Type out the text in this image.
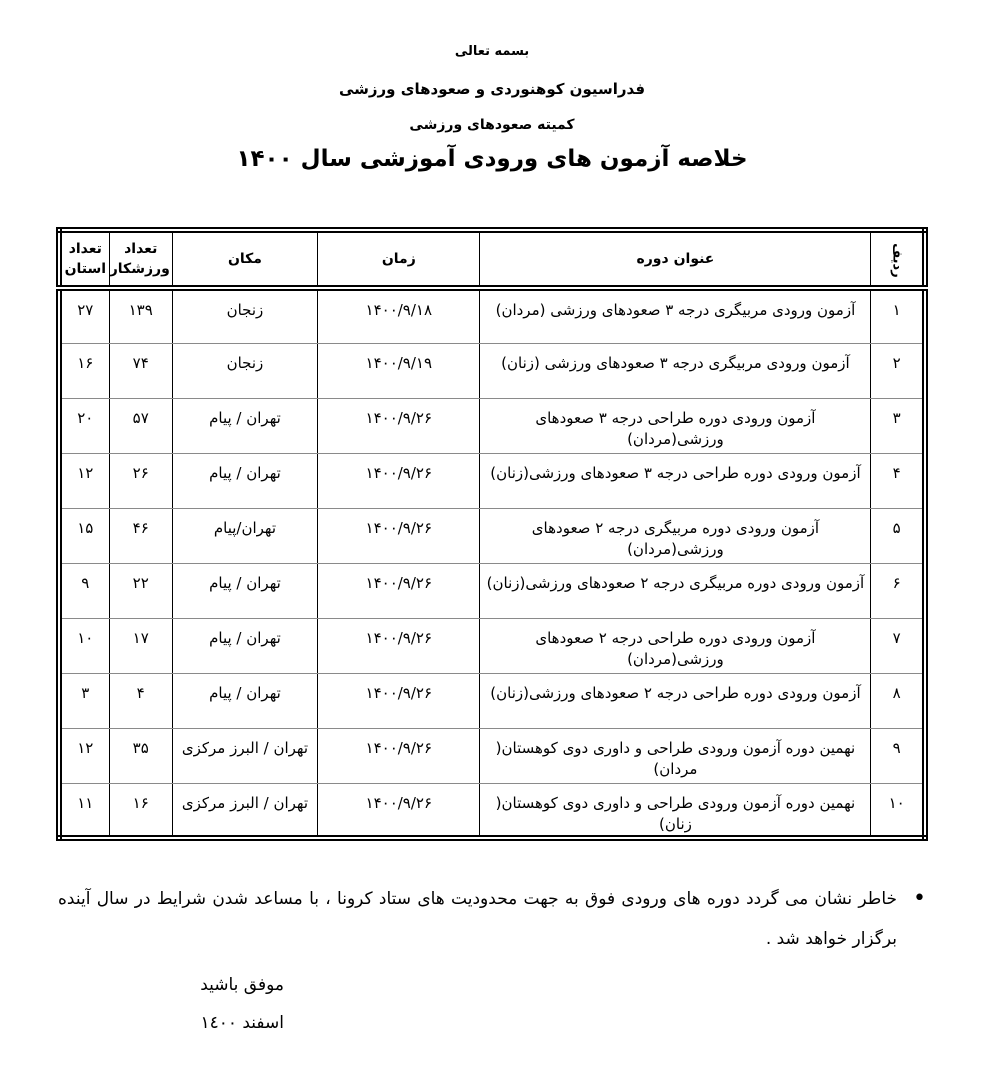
بسمه تعالی
فدراسیون کوهنوردی و صعودهای ورزشی
کمیته صعودهای ورزشی
خلاصه آزمون های ورودی آموزشی سال ۱۴۰۰
ردیف	عنوان دوره	زمان	مکان	تعداد ورزشکار	تعداد استان
۱	آزمون ورودی مربیگری درجه ۳ صعودهای ورزشی (مردان)	۱۴۰۰/۹/۱۸	زنجان	۱۳۹	۲۷
۲	آزمون ورودی مربیگری درجه ۳ صعودهای ورزشی (زنان)	۱۴۰۰/۹/۱۹	زنجان	۷۴	۱۶
۳	آزمون ورودی دوره طراحی درجه ۳ صعودهای ورزشی(مردان)	۱۴۰۰/۹/۲۶	تهران / پیام	۵۷	۲۰
۴	آزمون ورودی دوره طراحی درجه ۳ صعودهای ورزشی(زنان)	۱۴۰۰/۹/۲۶	تهران / پیام	۲۶	۱۲
۵	آزمون ورودی دوره مربیگری درجه ۲ صعودهای ورزشی(مردان)	۱۴۰۰/۹/۲۶	تهران/پیام	۴۶	۱۵
۶	آزمون ورودی دوره مربیگری درجه ۲ صعودهای ورزشی(زنان)	۱۴۰۰/۹/۲۶	تهران / پیام	۲۲	۹
۷	آزمون ورودی دوره طراحی درجه ۲ صعودهای ورزشی(مردان)	۱۴۰۰/۹/۲۶	تهران / پیام	۱۷	۱۰
۸	آزمون ورودی دوره طراحی درجه ۲ صعودهای ورزشی(زنان)	۱۴۰۰/۹/۲۶	تهران / پیام	۴	۳
۹	نهمین دوره آزمون ورودی طراحی و داوری دوی کوهستان( مردان)	۱۴۰۰/۹/۲۶	تهران / البرز مرکزی	۳۵	۱۲
۱۰	نهمین دوره آزمون ورودی طراحی و داوری دوی کوهستان( زنان)	۱۴۰۰/۹/۲۶	تهران / البرز مرکزی	۱۶	۱۱
•

خاطر نشان می گردد دوره های ورودی فوق به جهت محدودیت های ستاد کرونا ، با مساعد شدن شرایط در سال آینده برگزار خواهد شد .

موفق باشید
اسفند ١٤٠٠
